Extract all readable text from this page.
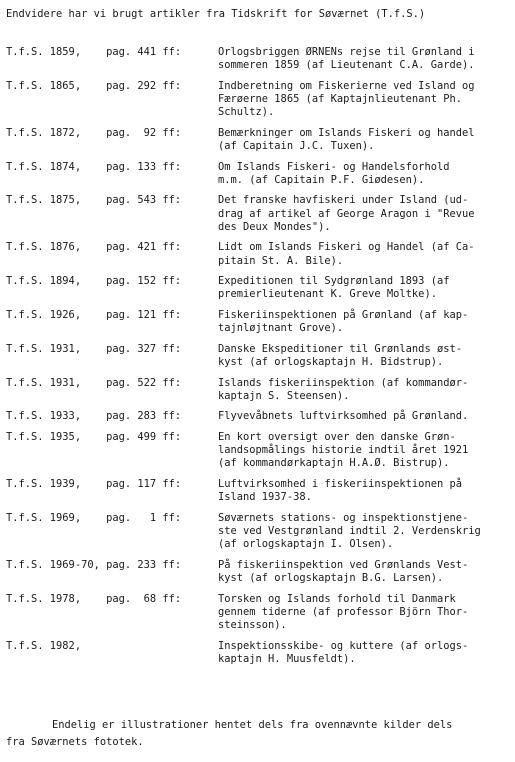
Endvidere har vi brugt artikler fra Tidskrift for Søværnet (T.f.S.)
T.f.S. 1859,    pag. 441 ff:	Orlogsbriggen ØRNENs rejse til Grønland i
sommeren 1859 (af Lieutenant C.A. Garde).
T.f.S. 1865,    pag. 292 ff:	Indberetning om Fiskerierne ved Island og
Færøerne 1865 (af Kaptajnlieutenant Ph.
Schultz).
T.f.S. 1872,    pag.  92 ff:	Bemærkninger om Islands Fiskeri og handel
(af Capitain J.C. Tuxen).
T.f.S. 1874,    pag. 133 ff:	Om Islands Fiskeri- og Handelsforhold
m.m. (af Capitain P.F. Giødesen).
T.f.S. 1875,    pag. 543 ff:	Det franske havfiskeri under Island (ud-
drag af artikel af George Aragon i "Revue
des Deux Mondes").
T.f.S. 1876,    pag. 421 ff:	Lidt om Islands Fiskeri og Handel (af Ca-
pitain St. A. Bile).
T.f.S. 1894,    pag. 152 ff:	Expeditionen til Sydgrønland 1893 (af
premierlieutenant K. Greve Moltke).
T.f.S. 1926,    pag. 121 ff:	Fiskeriinspektionen på Grønland (af kap-
tajnløjtnant Grove).
T.f.S. 1931,    pag. 327 ff:	Danske Ekspeditioner til Grønlands øst-
kyst (af orlogskaptajn H. Bidstrup).
T.f.S. 1931,    pag. 522 ff:	Islands fiskeriinspektion (af kommandør-
kaptajn S. Steensen).
T.f.S. 1933,    pag. 283 ff:	Flyvevåbnets luftvirksomhed på Grønland.
T.f.S. 1935,    pag. 499 ff:	En kort oversigt over den danske Grøn-
landsopmålings historie indtil året 1921
(af kommandørkaptajn H.A.Ø. Bistrup).
T.f.S. 1939,    pag. 117 ff:	Luftvirksomhed i fiskeriinspektionen på
Island 1937-38.
T.f.S. 1969,    pag.   1 ff:	Søværnets stations- og inspektionstjene-
ste ved Vestgrønland indtil 2. Verdenskrig
(af orlogskaptajn I. Olsen).
T.f.S. 1969-70, pag. 233 ff:	På fiskeriinspektion ved Grønlands Vest-
kyst (af orlogskaptajn B.G. Larsen).
T.f.S. 1978,    pag.  68 ff:	Torsken og Islands forhold til Danmark
gennem tiderne (af professor Björn Thor-
steinsson).
T.f.S. 1982,	Inspektionsskibe- og kuttere (af orlogs-
kaptajn H. Muusfeldt).
Endelig er illustrationer hentet dels fra ovennævnte kilder dels
fra Søværnets fototek.
